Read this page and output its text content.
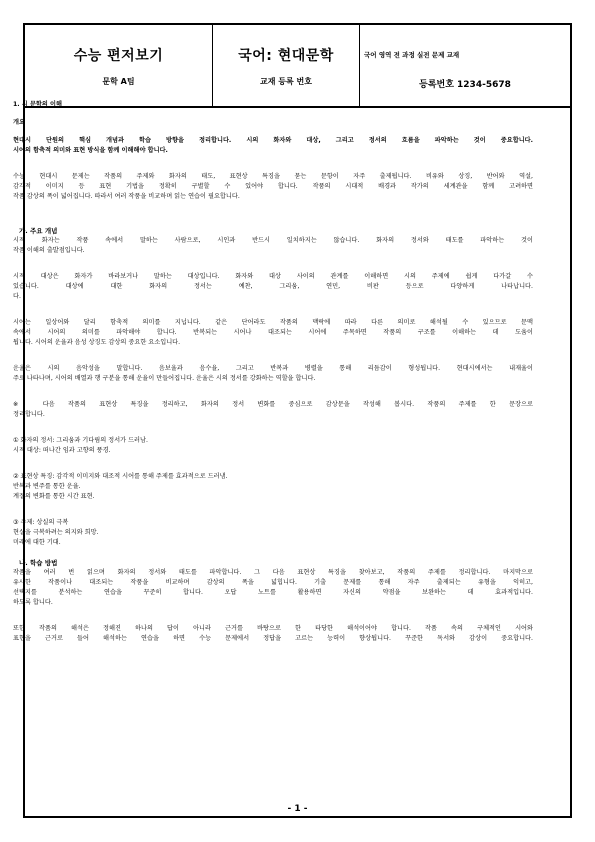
수능 편저보기
문학 A팀
국어: 현대문학
교재 등록 번호
국어 영역 전 과정 실전 문제 교재
등록번호 1234-5678
1. 시 문학의 이해
개요
현대시 단원의 핵심 개념과 학습 방향을 정리합니다. 시의 화자와 대상, 그리고 정서의 흐름을 파악하는 것이 중요합니다.
시어의 함축적 의미와 표현 방식을 함께 이해해야 합니다.
수능 현대시 문제는 작품의 주제와 화자의 태도, 표현상 특징을 묻는 문항이 자주 출제됩니다. 비유와 상징, 반어와 역설,
감각적 이미지 등 표현 기법을 정확히 구별할 수 있어야 합니다. 작품의 시대적 배경과 작가의 세계관을 함께 고려하면
작품 감상의 폭이 넓어집니다. 따라서 여러 작품을 비교하며 읽는 연습이 필요합니다.
가. 주요 개념
시적 화자는 작품 속에서 말하는 사람으로, 시인과 반드시 일치하지는 않습니다. 화자의 정서와 태도를 파악하는 것이
작품 이해의 출발점입니다.
시적 대상은 화자가 바라보거나 말하는 대상입니다. 화자와 대상 사이의 관계를 이해하면 시의 주제에 쉽게 다가갈 수
있습니다. 대상에 대한 화자의 정서는 예찬, 그리움, 연민, 비판 등으로 다양하게 나타납니다.
다.
시어는 일상어와 달리 함축적 의미를 지닙니다. 같은 단어라도 작품의 맥락에 따라 다른 의미로 해석될 수 있으므로 문맥
속에서 시어의 의미를 파악해야 합니다. 반복되는 시어나 대조되는 시어에 주목하면 작품의 구조를 이해하는 데 도움이
됩니다. 시어의 운율과 음성 상징도 감상의 중요한 요소입니다.
운율은 시의 음악성을 말합니다. 음보율과 음수율, 그리고 반복과 병렬을 통해 리듬감이 형성됩니다. 현대시에서는 내재율이
주로 나타나며, 시어의 배열과 행 구분을 통해 운율이 만들어집니다. 운율은 시의 정서를 강화하는 역할을 합니다.
※ 다음 작품의 표현상 특징을 정리하고, 화자의 정서 변화를 중심으로 감상문을 작성해 봅시다. 작품의 주제를 한 문장으로
정리합니다.
① 화자의 정서: 그리움과 기다림의 정서가 드러남.
시적 대상: 떠나간 임과 고향의 풍경.
② 표현상 특징: 감각적 이미지와 대조적 시어를 통해 주제를 효과적으로 드러냄.
반복과 변주를 통한 운율.
계절의 변화를 통한 시간 표현.
③ 주제: 상실의 극복
현실을 극복하려는 의지와 희망.
미래에 대한 기대.
나. 학습 방법
작품을 여러 번 읽으며 화자의 정서와 태도를 파악합니다. 그 다음 표현상 특징을 찾아보고, 작품의 주제를 정리합니다. 마지막으로
유사한 작품이나 대조되는 작품을 비교하며 감상의 폭을 넓힙니다. 기출 문제를 통해 자주 출제되는 유형을 익히고,
선택지를 분석하는 연습을 꾸준히 합니다. 오답 노트를 활용하면 자신의 약점을 보완하는 데 효과적입니다.
하도록 합니다.
또한 작품의 해석은 정해진 하나의 답이 아니라 근거를 바탕으로 한 타당한 해석이어야 합니다. 작품 속의 구체적인 시어와
표현을 근거로 들어 해석하는 연습을 하면 수능 문제에서 정답을 고르는 능력이 향상됩니다. 꾸준한 독서와 감상이 중요합니다.
- 1 -
